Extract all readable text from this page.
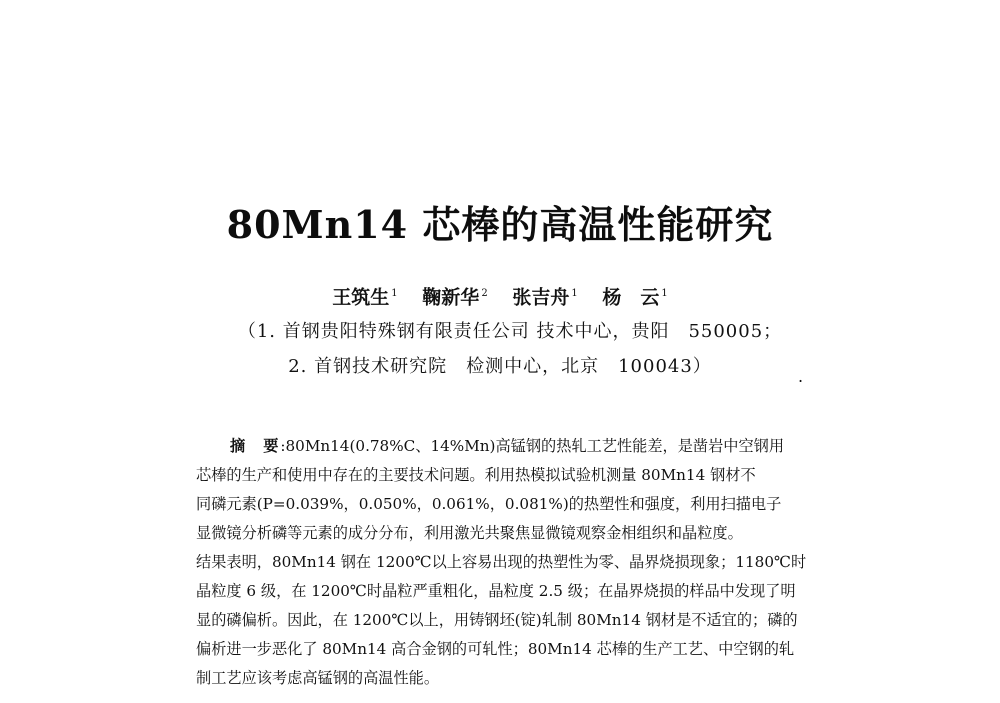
80Mn14 芯棒的高温性能研究
王筑生 $^1$ 鞠新华 $^2$ 张吉舟 $^1$ 杨　云 $^1$
（1. 首钢贵阳特殊钢有限责任公司 技术中心，贵阳　550005；
2. 首钢技术研究院　检测中心，北京　100043）	.
摘 要:80Mn14(0.78%C、14%Mn)高锰钢的热轧工艺性能差，是凿岩中空钢用
芯棒的生产和使用中存在的主要技术问题。利用热模拟试验机测量 80Mn14 钢材不
同磷元素(P=0.039%，0.050%，0.061%，0.081%)的热塑性和强度，利用扫描电子
显微镜分析磷等元素的成分分布，利用激光共聚焦显微镜观察金相组织和晶粒度。
结果表明，80Mn14 钢在 1200℃以上容易出现的热塑性为零、晶界烧损现象；1180℃时
晶粒度 6 级，在 1200℃时晶粒严重粗化，晶粒度 2.5 级；在晶界烧损的样品中发现了明
显的磷偏析。因此，在 1200℃以上，用铸钢坯(锭)轧制 80Mn14 钢材是不适宜的；磷的
偏析进一步恶化了 80Mn14 高合金钢的可轧性；80Mn14 芯棒的生产工艺、中空钢的轧
制工艺应该考虑高锰钢的高温性能。
